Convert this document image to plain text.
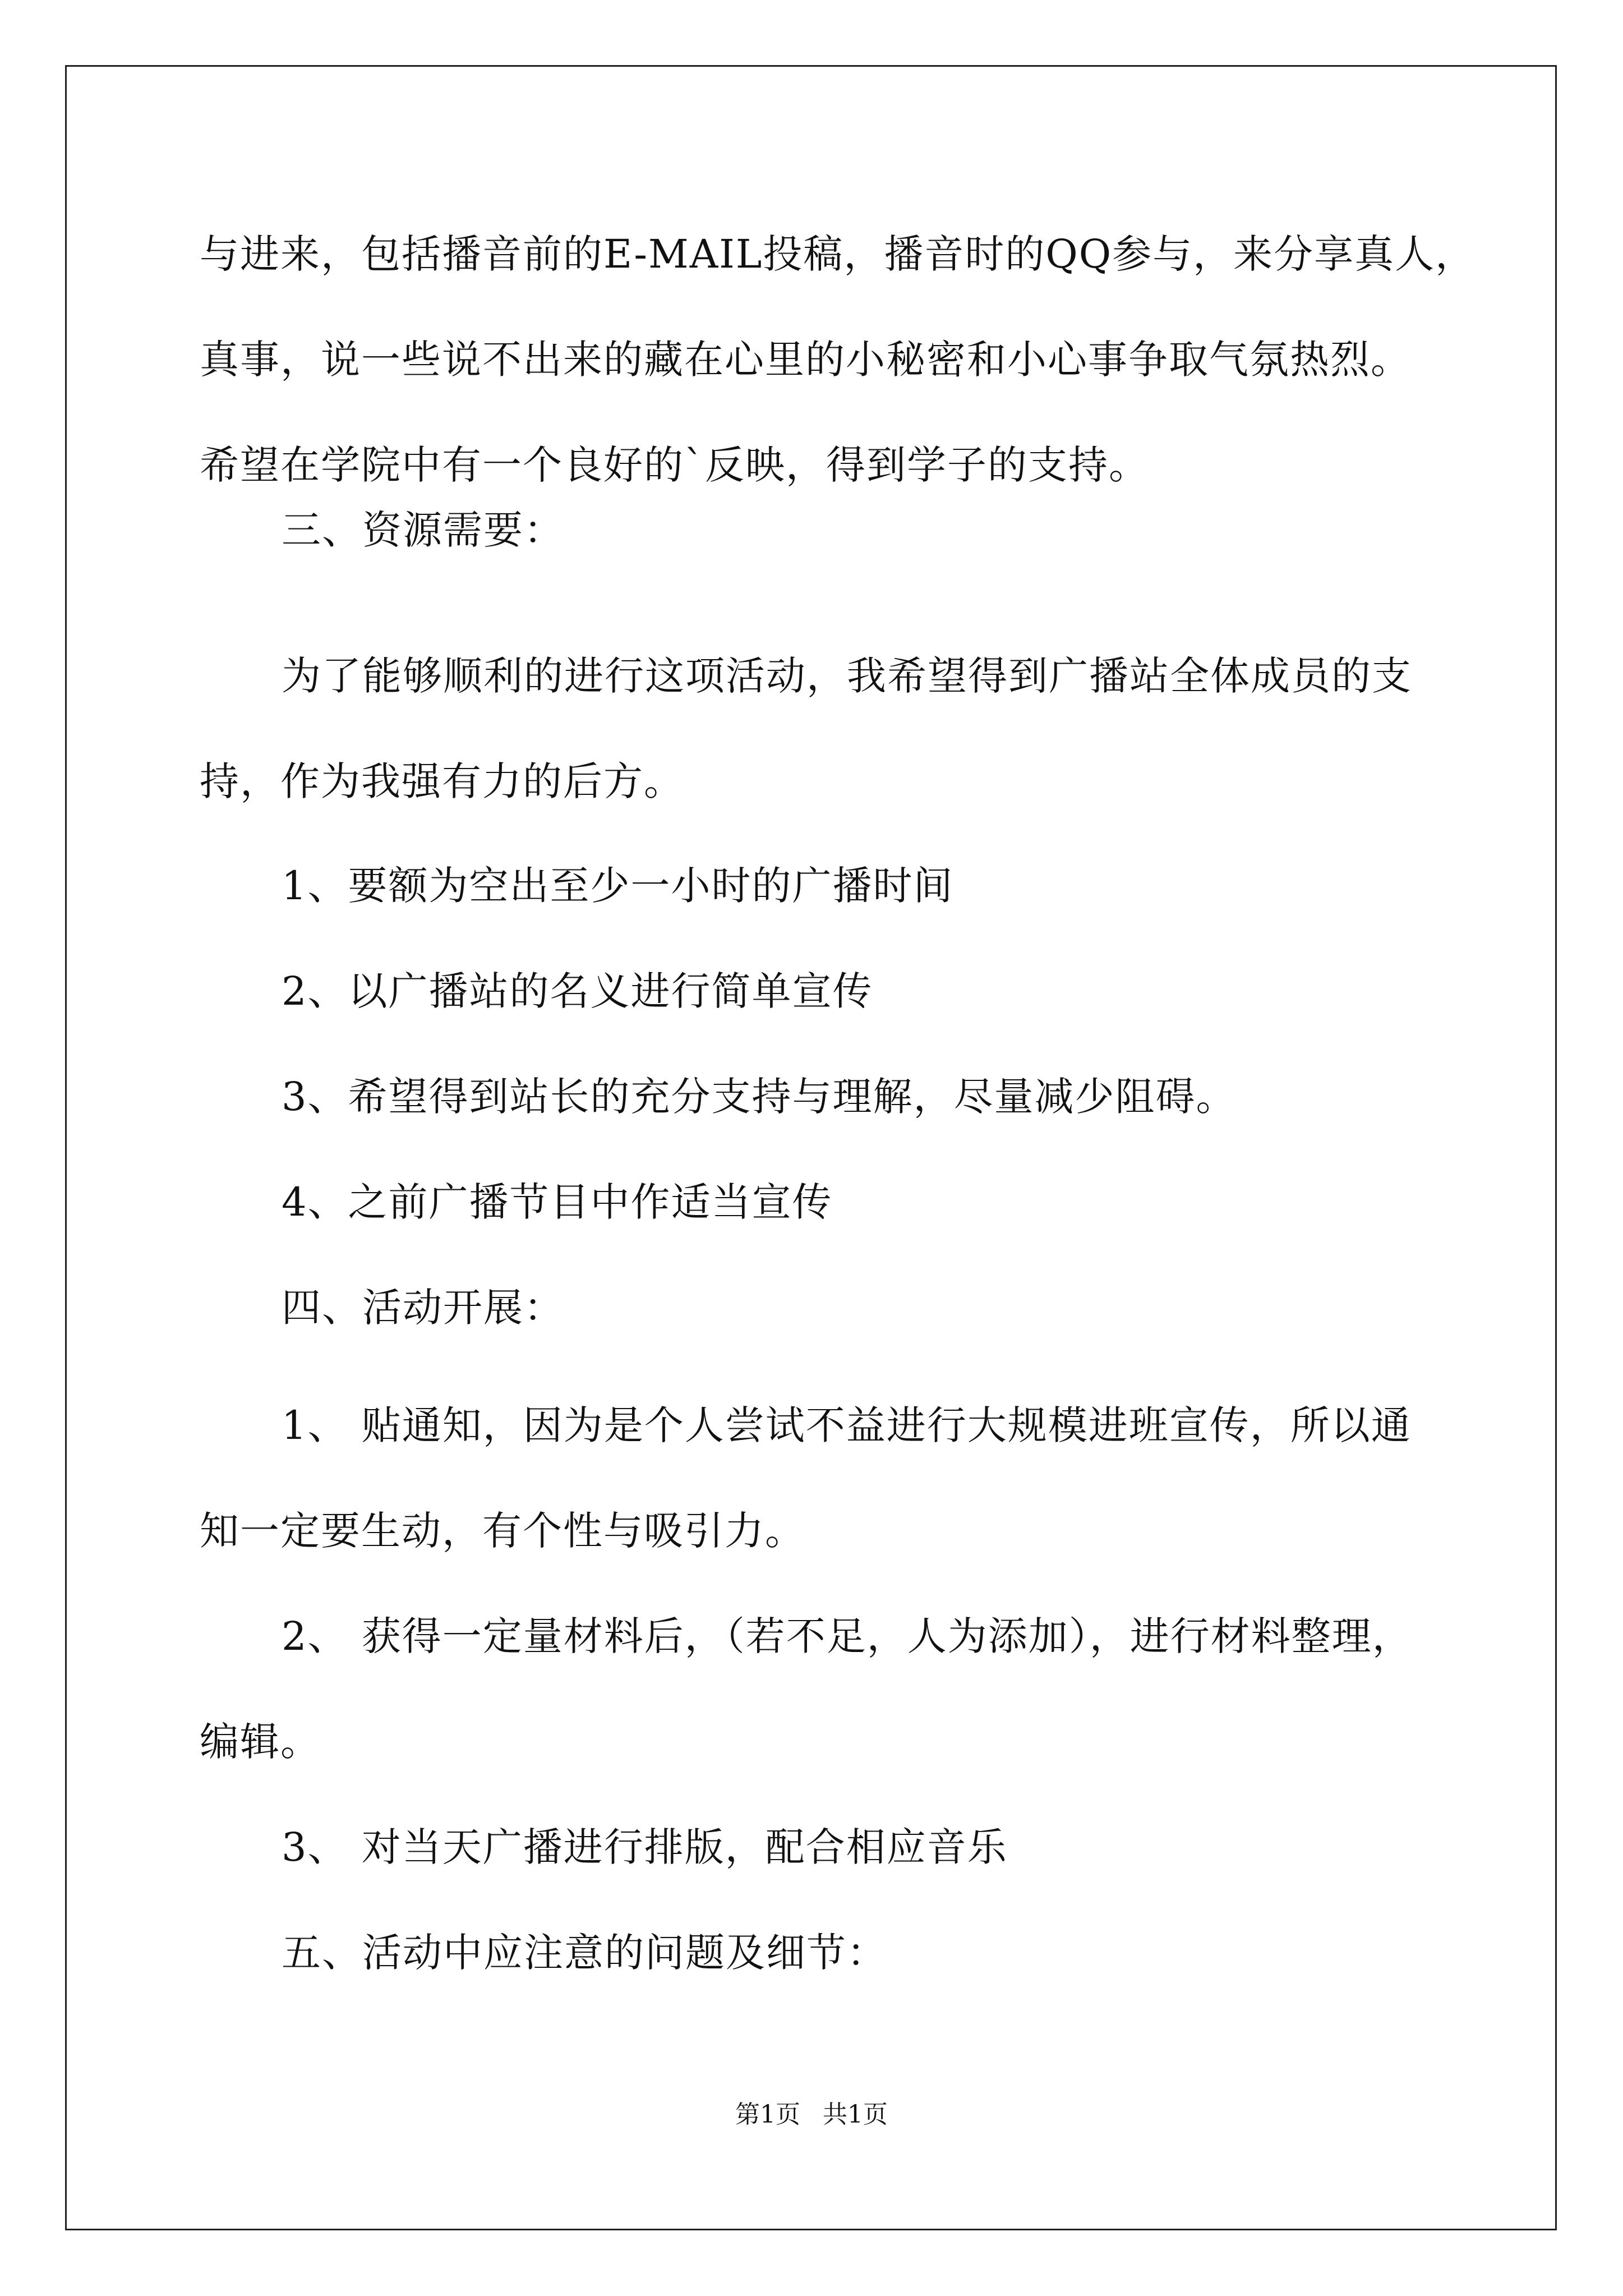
与进来，包括播音前的E-MAIL投稿，播音时的QQ参与，来分享真人，
真事，说一些说不出来的藏在心里的小秘密和小心事争取气氛热烈。
希望在学院中有一个良好的`反映，得到学子的支持。
三、资源需要：
为了能够顺利的进行这项活动，我希望得到广播站全体成员的支
持，作为我强有力的后方。
1、要额为空出至少一小时的广播时间
2、以广播站的名义进行简单宣传
3、希望得到站长的充分支持与理解，尽量减少阻碍。
4、之前广播节目中作适当宣传
四、活动开展：
1、 贴通知，因为是个人尝试不益进行大规模进班宣传，所以通
知一定要生动，有个性与吸引力。
2、 获得一定量材料后，（若不足，人为添加），进行材料整理，
编辑。
3、 对当天广播进行排版，配合相应音乐
五、活动中应注意的问题及细节：
第1页 共1页
